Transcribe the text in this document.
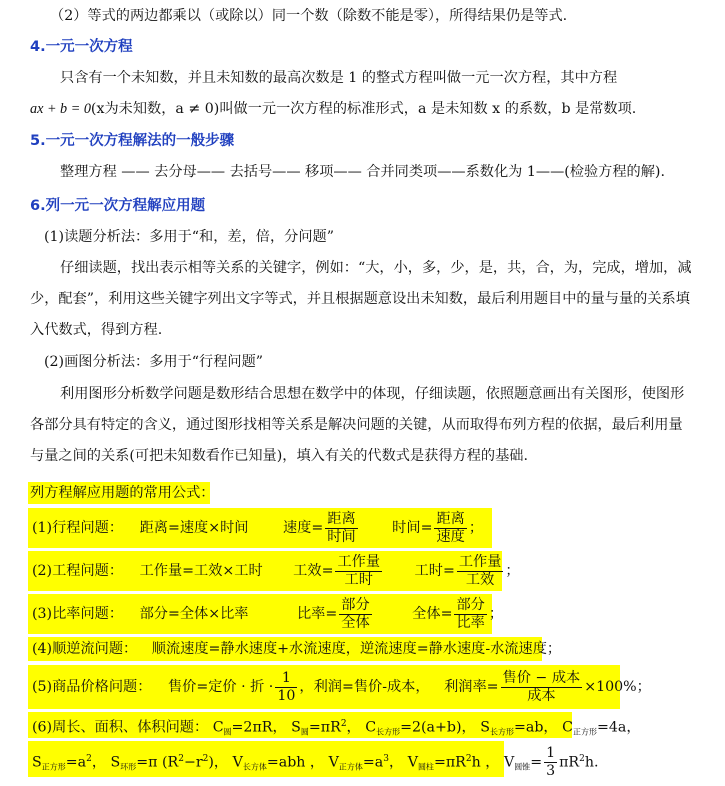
（2）等式的两边都乘以（或除以）同一个数（除数不能是零），所得结果仍是等式.
4.一元一次方程
只含有一个未知数，并且未知数的最高次数是 1 的整式方程叫做一元一次方程，其中方程
ax + b = 0(x为未知数，a ≠ 0)叫做一元一次方程的标准形式，a 是未知数 x 的系数，b 是常数项.
5.一元一次方程解法的一般步骤
整理方程 —— 去分母—— 去括号—— 移项—— 合并同类项——系数化为 1——(检验方程的解).
6.列一元一次方程解应用题
(1)读题分析法：多用于“和，差，倍，分问题”
仔细读题，找出表示相等关系的关键字，例如：“大，小，多，少，是，共，合，为，完成，增加，减
少，配套”，利用这些关键字列出文字等式，并且根据题意设出未知数，最后利用题目中的量与量的关系填
入代数式，得到方程.
(2)画图分析法：多用于“行程问题”
利用图形分析数学问题是数形结合思想在数学中的体现，仔细读题，依照题意画出有关图形，使图形
各部分具有特定的含义，通过图形找相等关系是解决问题的关键，从而取得布列方程的依据，最后利用量
与量之间的关系(可把未知数看作已知量)，填入有关的代数式是获得方程的基础.
列方程解应用题的常用公式：
(1)行程问题： 距离=速度×时间 速度= $\frac{\text{距离}}{\text{时间}}$ 时间= $\frac{\text{距离}}{\text{速度}}$ ；
(2)工程问题： 工作量=工效×工时 工效= $\frac{\text{工作量}}{\text{工时}}$ 工时= $\frac{\text{工作量}}{\text{工效}}$ ；
(3)比率问题： 部分=全体×比率	比率= $\frac{\text{部分}}{\text{全体}}$	全体= $\frac{\text{部分}}{\text{比率}}$ ；
(4)顺逆流问题： 顺流速度=静水速度+水流速度，逆流速度=静水速度-水流速度；
(5)商品价格问题： 售价=定价 · 折 · $\frac{1}{10}$ ，利润=售价-成本， 利润率= $\frac{\text{售价 − 成本}}{\text{成本}} \times 100\%$；
(6)周长、面积、体积问题： $C_圆=2\pi R$， $S_圆=\pi R^2$， $C_{长方形}=2(a+b)$， $S_{长方形}=ab$， $C_{正方形}=4a$，
$S_{正方形}=a^2$， $S_{环形}=\pi$ $(R^2-r^2)$， $V_{长方体}=abh$ ， $V_{正方体}=a^3$， $V_{圆柱}=\pi R^2h$ ， $V_{圆锥}= \frac{1}{3} \pi R^2h$.
